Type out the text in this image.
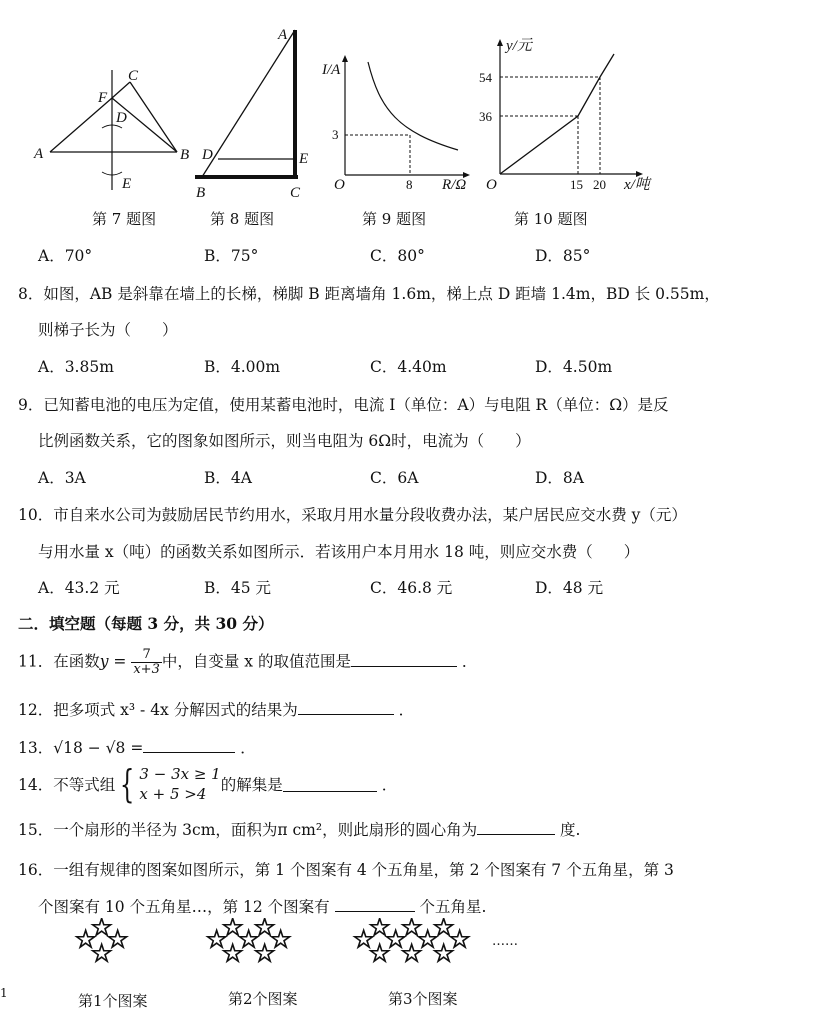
A	B
C
D
E
F
A
B	C
D	E
I/A
R/Ω
O	8
3
y/元
x/吨
O	15 20
36
54
第 7 题图	第 8 题图	第 9 题图	第 10 题图
A．70°	B．75°	C．80°	D．85°
8．如图，AB 是斜靠在墙上的长梯，梯脚 B 距离墙角 1.6m，梯上点 D 距墙 1.4m，BD 长 0.55m，
则梯子长为（　　）
A．3.85m	B．4.00m	C．4.40m	D．4.50m
9．已知蓄电池的电压为定值，使用某蓄电池时，电流 I（单位：A）与电阻 R（单位：Ω）是反
比例函数关系，它的图象如图所示，则当电阻为 6Ω时，电流为（　　）
A．3A	B．4A	C．6A	D．8A
10．市自来水公司为鼓励居民节约用水，采取月用水量分段收费办法，某户居民应交水费 y（元）
与用水量 x（吨）的函数关系如图所示．若该用户本月用水 18 吨，则应交水费（　　）
A．43.2 元	B．45 元	C．46.8 元	D．48 元
二．填空题（每题 3 分，共 30 分）
11．在函数$y = \frac{7}{x+3}$ 中，自变量 x 的取值范围是	．
12．把多项式 x³ - 4x 分解因式的结果为	．
13．√18 − √8 =	．
14．不等式组 { 3 − 3x ≥ 1
x + 5 >4 的解集是	．
15．一个扇形的半径为 3cm，面积为π cm²，则此扇形的圆心角为	度.
16．一组有规律的图案如图所示，第 1 个图案有 4 个五角星，第 2 个图案有 7 个五角星，第 3
个图案有 10 个五角星…，第 12 个图案有	个五角星.
☆
☆
☆
☆	☆
☆
☆
☆
☆
☆
☆	☆
☆
☆
☆
☆
☆
☆
☆
☆
☆	……
第1个图案	第2个图案	第3个图案
1
